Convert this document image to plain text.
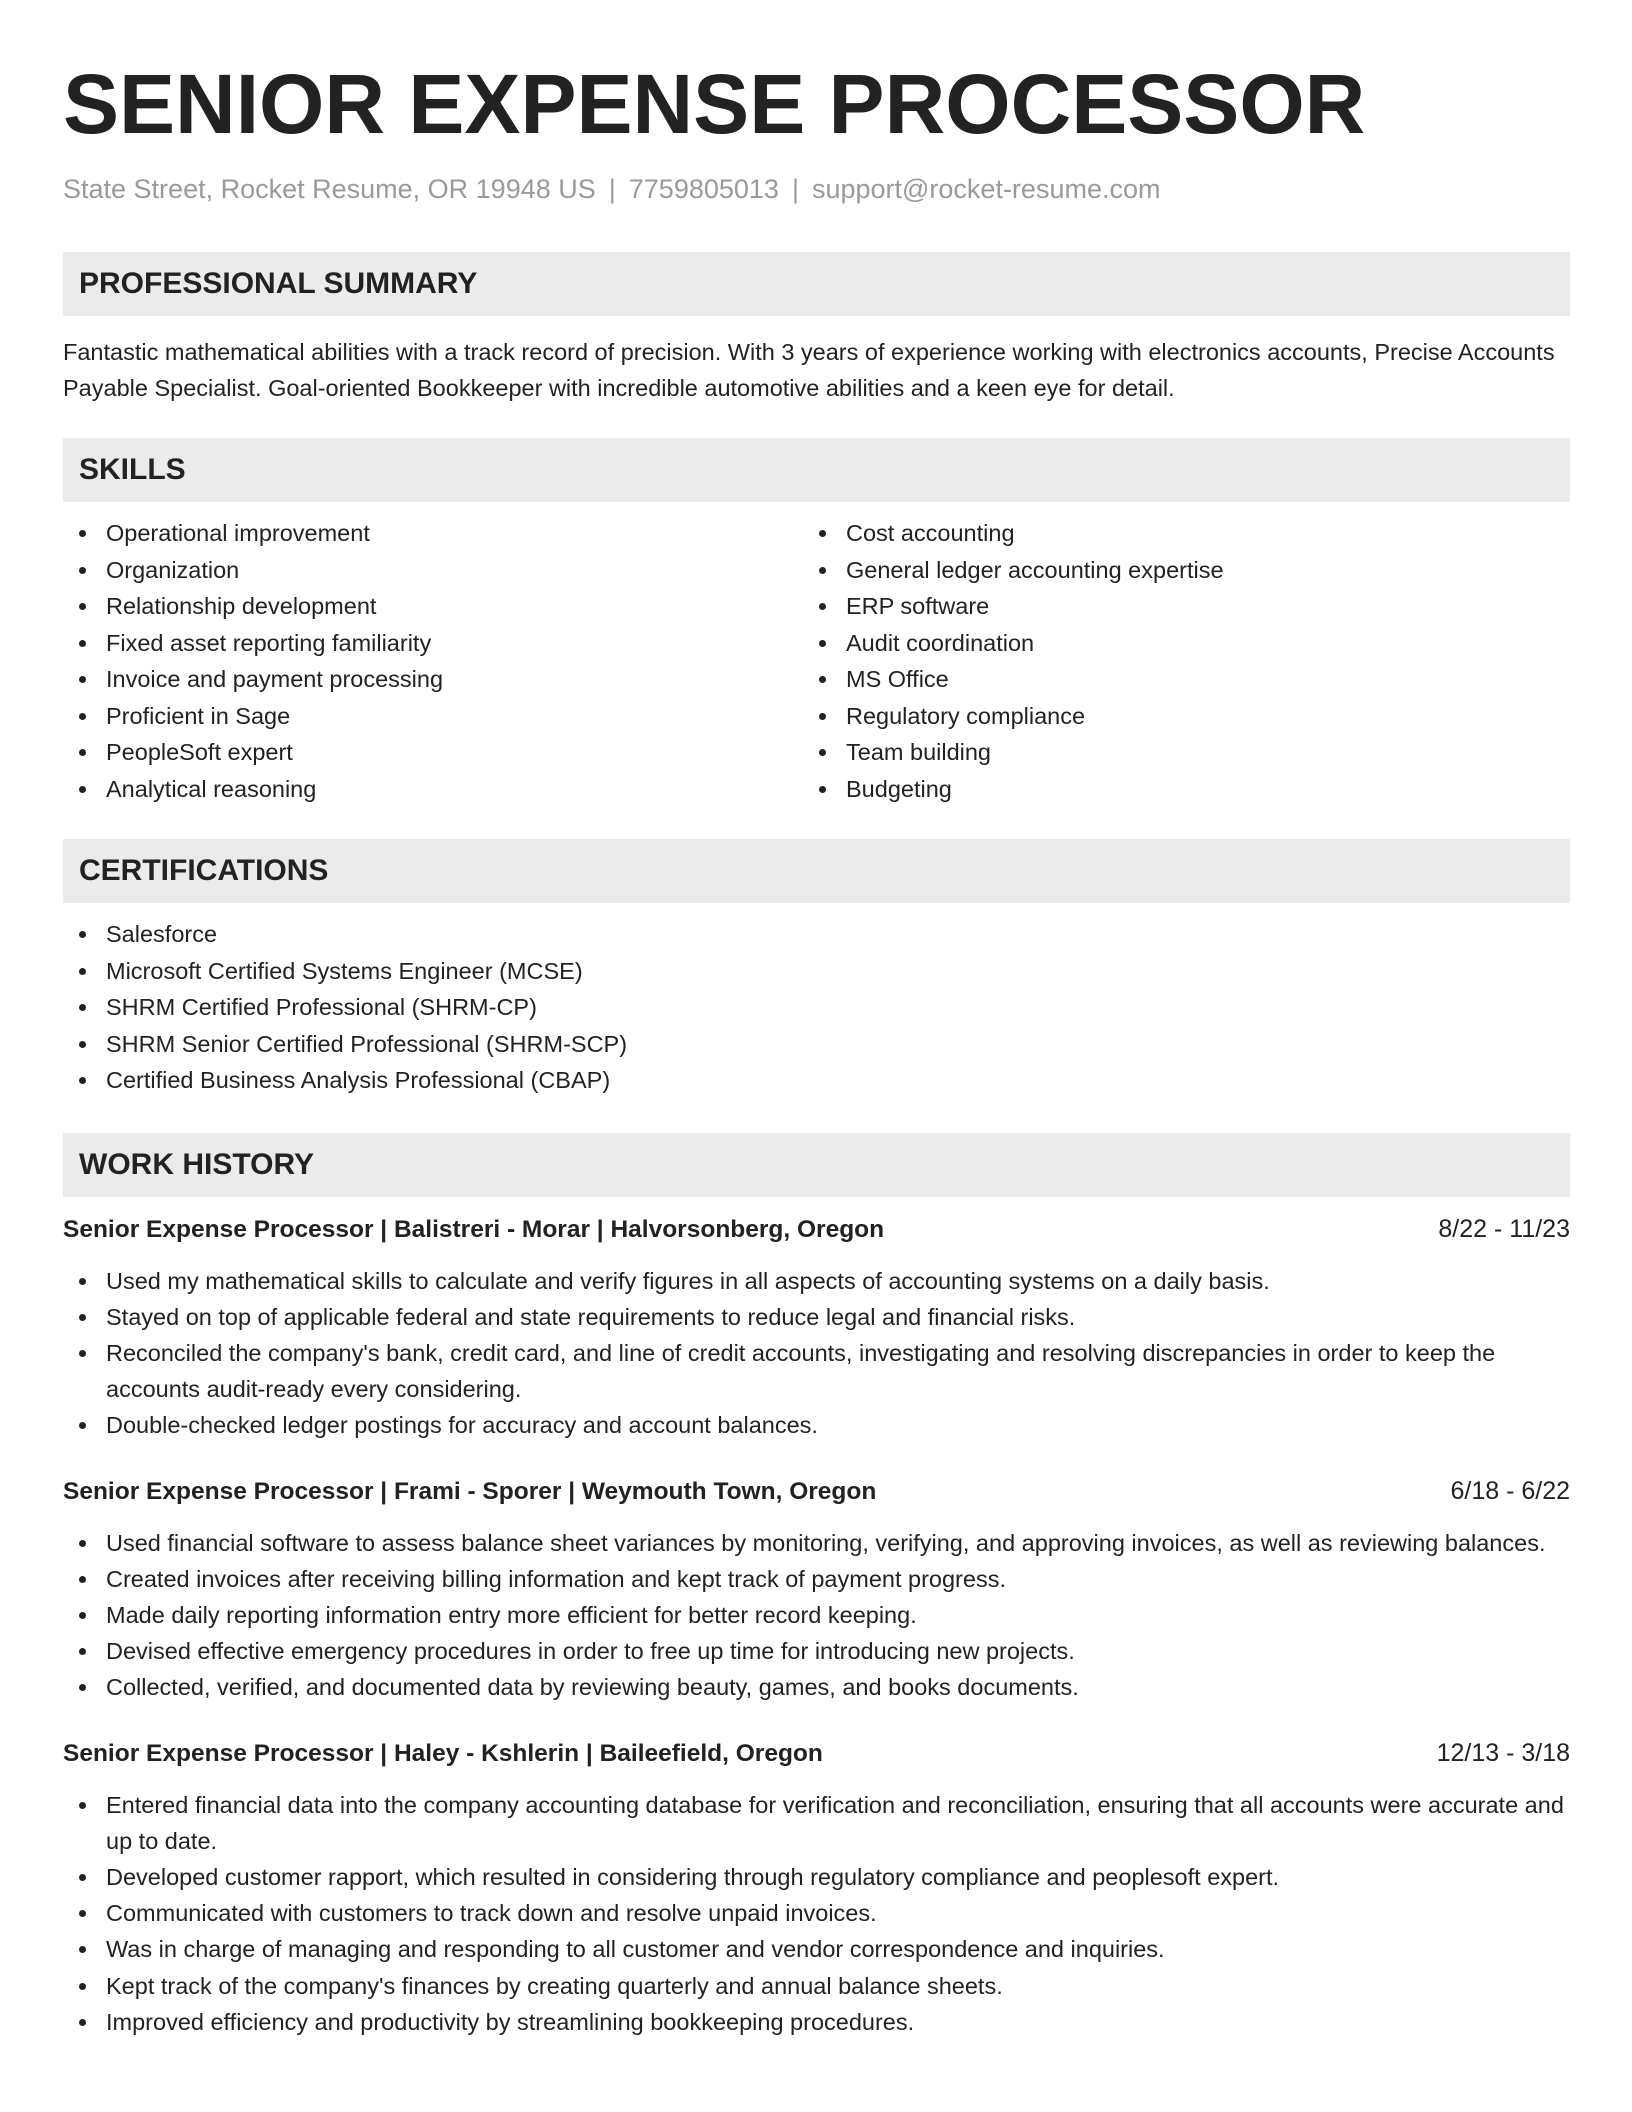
SENIOR EXPENSE PROCESSOR
State Street, Rocket Resume, OR 19948 US | 7759805013 | support@rocket-resume.com
PROFESSIONAL SUMMARY

Fantastic mathematical abilities with a track record of precision. With 3 years of experience working with electronics accounts, Precise Accounts Payable Specialist. Goal-oriented Bookkeeper with incredible automotive abilities and a keen eye for detail.

SKILLS
Operational improvement
Organization
Relationship development
Fixed asset reporting familiarity
Invoice and payment processing
Proficient in Sage
PeopleSoft expert
Analytical reasoning
Cost accounting
General ledger accounting expertise
ERP software
Audit coordination
MS Office
Regulatory compliance
Team building
Budgeting
CERTIFICATIONS
Salesforce
Microsoft Certified Systems Engineer (MCSE)
SHRM Certified Professional (SHRM-CP)
SHRM Senior Certified Professional (SHRM-SCP)
Certified Business Analysis Professional (CBAP)
WORK HISTORY
Senior Expense Processor | Balistreri - Morar | Halvorsonberg, Oregon	8/22 - 11/23
Used my mathematical skills to calculate and verify figures in all aspects of accounting systems on a daily basis.
Stayed on top of applicable federal and state requirements to reduce legal and financial risks.
Reconciled the company's bank, credit card, and line of credit accounts, investigating and resolving discrepancies in order to keep the accounts audit-ready every considering.
Double-checked ledger postings for accuracy and account balances.
Senior Expense Processor | Frami - Sporer | Weymouth Town, Oregon	6/18 - 6/22
Used financial software to assess balance sheet variances by monitoring, verifying, and approving invoices, as well as reviewing balances.
Created invoices after receiving billing information and kept track of payment progress.
Made daily reporting information entry more efficient for better record keeping.
Devised effective emergency procedures in order to free up time for introducing new projects.
Collected, verified, and documented data by reviewing beauty, games, and books documents.
Senior Expense Processor | Haley - Kshlerin | Baileefield, Oregon	12/13 - 3/18
Entered financial data into the company accounting database for verification and reconciliation, ensuring that all accounts were accurate and up to date.
Developed customer rapport, which resulted in considering through regulatory compliance and peoplesoft expert.
Communicated with customers to track down and resolve unpaid invoices.
Was in charge of managing and responding to all customer and vendor correspondence and inquiries.
Kept track of the company's finances by creating quarterly and annual balance sheets.
Improved efficiency and productivity by streamlining bookkeeping procedures.
